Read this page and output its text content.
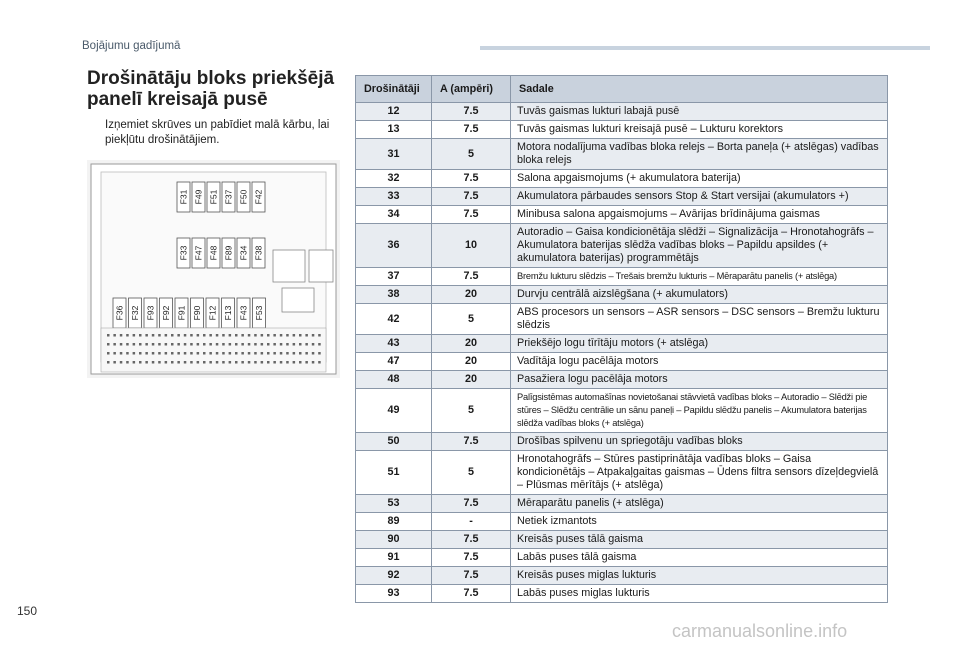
Bojājumu gadījumā
Drošinātāju bloks priekšējā
panelī kreisajā pusē
Izņemiet skrūves un pabīdiet malā kārbu, lai piekļūtu drošinātājiem.
F31 F49 F51 F37 F50 F42
F33 F47 F48 F89 F34 F38
F36 F32 F93 F92 F91 F90 F12 F13 F43 F53
Drošinātāji	A (ampēri)	Sadale
12	7.5	Tuvās gaismas lukturi labajā pusē
13	7.5	Tuvās gaismas lukturi kreisajā pusē – Lukturu korektors
31	5	Motora nodalījuma vadības bloka relejs – Borta paneļa (+ atslēgas) vadības bloka relejs
32	7.5	Salona apgaismojums (+ akumulatora baterija)
33	7.5	Akumulatora pārbaudes sensors Stop & Start versijai (akumulators +)
34	7.5	Minibusa salona apgaismojums – Avārijas brīdinājuma gaismas
36	10	Autoradio – Gaisa kondicionētāja slēdži – Signalizācija – Hronotahogrāfs – Akumulatora baterijas slēdža vadības bloks – Papildu apsildes (+ akumulatora baterijas) programmētājs
37	7.5	Bremžu lukturu slēdzis – Trešais bremžu lukturis – Mēraparātu panelis (+ atslēga)
38	20	Durvju centrālā aizslēgšana (+ akumulators)
42	5	ABS procesors un sensors – ASR sensors – DSC sensors – Bremžu lukturu slēdzis
43	20	Priekšējo logu tīrītāju motors (+ atslēga)
47	20	Vadītāja logu pacēlāja motors
48	20	Pasažiera logu pacēlāja motors
49	5	Palīgsistēmas automašīnas novietošanai stāvvietā vadības bloks – Autoradio – Slēdži pie stūres – Slēdžu centrālie un sānu paneļi – Papildu slēdžu panelis – Akumulatora baterijas slēdža vadības bloks (+ atslēga)
50	7.5	Drošības spilvenu un spriegotāju vadības bloks
51	5	Hronotahogrāfs – Stūres pastiprinātāja vadības bloks – Gaisa kondicionētājs – Atpakaļgaitas gaismas – Ūdens filtra sensors dīzeļdegvielā – Plūsmas mērītājs (+ atslēga)
53	7.5	Mēraparātu panelis (+ atslēga)
89	-	Netiek izmantots
90	7.5	Kreisās puses tālā gaisma
91	7.5	Labās puses tālā gaisma
92	7.5	Kreisās puses miglas lukturis
93	7.5	Labās puses miglas lukturis
150
carmanualsonline.info
